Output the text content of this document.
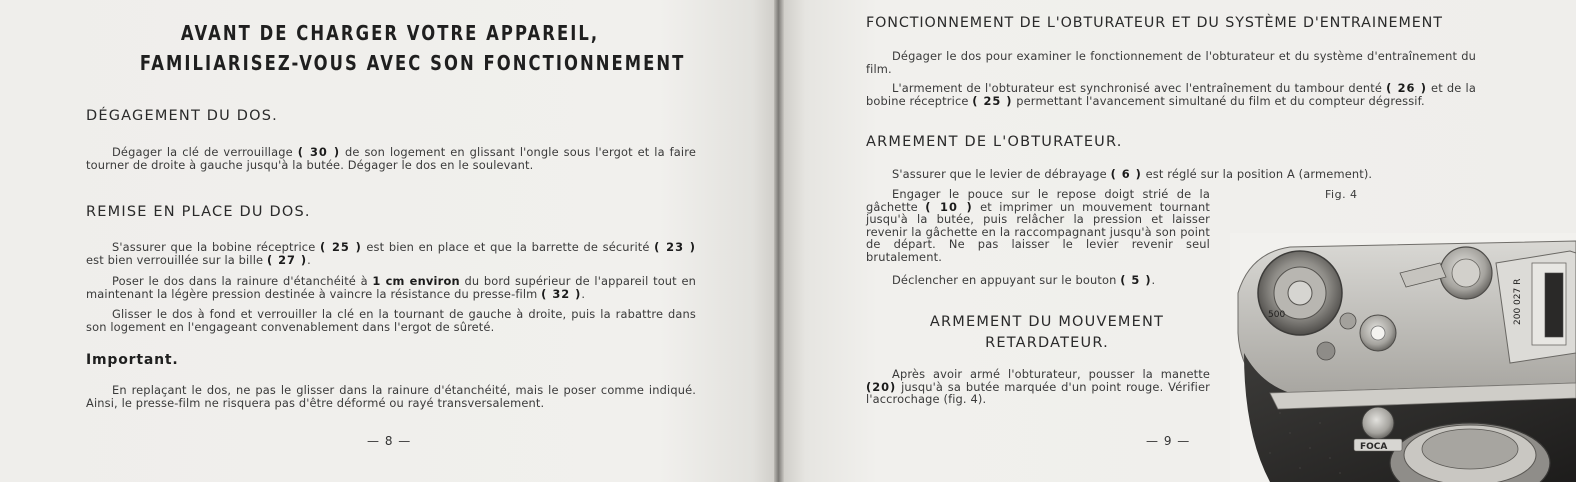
AVANT DE CHARGER VOTRE APPAREIL,
FAMILIARISEZ-VOUS AVEC SON FONCTIONNEMENT
DÉGAGEMENT DU DOS.
Dégager la clé de verrouillage ( 30 ) de son logement en glissant l'ongle sous l'ergot et la faire tourner de droite à gauche jusqu'à la butée. Dégager le dos en le soulevant.
REMISE EN PLACE DU DOS.
S'assurer que la bobine réceptrice ( 25 ) est bien en place et que la barrette de sécurité ( 23 ) est bien verrouillée sur la bille ( 27 ).
Poser le dos dans la rainure d'étanchéité à 1 cm environ du bord supérieur de l'appareil tout en maintenant la légère pression destinée à vaincre la résistance du presse-film ( 32 ).
Glisser le dos à fond et verrouiller la clé en la tournant de gauche à droite, puis la rabattre dans son logement en l'engageant convenablement dans l'ergot de sûreté.
Important.
En replaçant le dos, ne pas le glisser dans la rainure d'étanchéité, mais le poser comme indiqué. Ainsi, le presse-film ne risquera pas d'être déformé ou rayé transversalement.
— 8 —
FONCTIONNEMENT DE L'OBTURATEUR ET DU SYSTÈME D'ENTRAINEMENT
Dégager le dos pour examiner le fonctionnement de l'obturateur et du système d'entraînement du film.
L'armement de l'obturateur est synchronisé avec l'entraînement du tambour denté ( 26 ) et de la bobine réceptrice ( 25 ) permettant l'avancement simultané du film et du compteur dégressif.
ARMEMENT DE L'OBTURATEUR.
S'assurer que le levier de débrayage ( 6 ) est réglé sur la position A (armement).
Engager le pouce sur le repose doigt strié de la gâchette ( 10 ) et imprimer un mouvement tournant jusqu'à la butée, puis relâcher la pression et laisser revenir la gâchette en la raccompagnant jusqu'à son point de départ. Ne pas laisser le levier revenir seul brutalement.
Déclencher en appuyant sur le bouton ( 5 ).
ARMEMENT DU MOUVEMENT
RETARDATEUR.
Après avoir armé l'obturateur, pousser la manette (20) jusqu'à sa butée marquée d'un point rouge. Vérifier l'accrochage (fig. 4).
Fig. 4
— 9 —
500	200 027 R
FOCA
